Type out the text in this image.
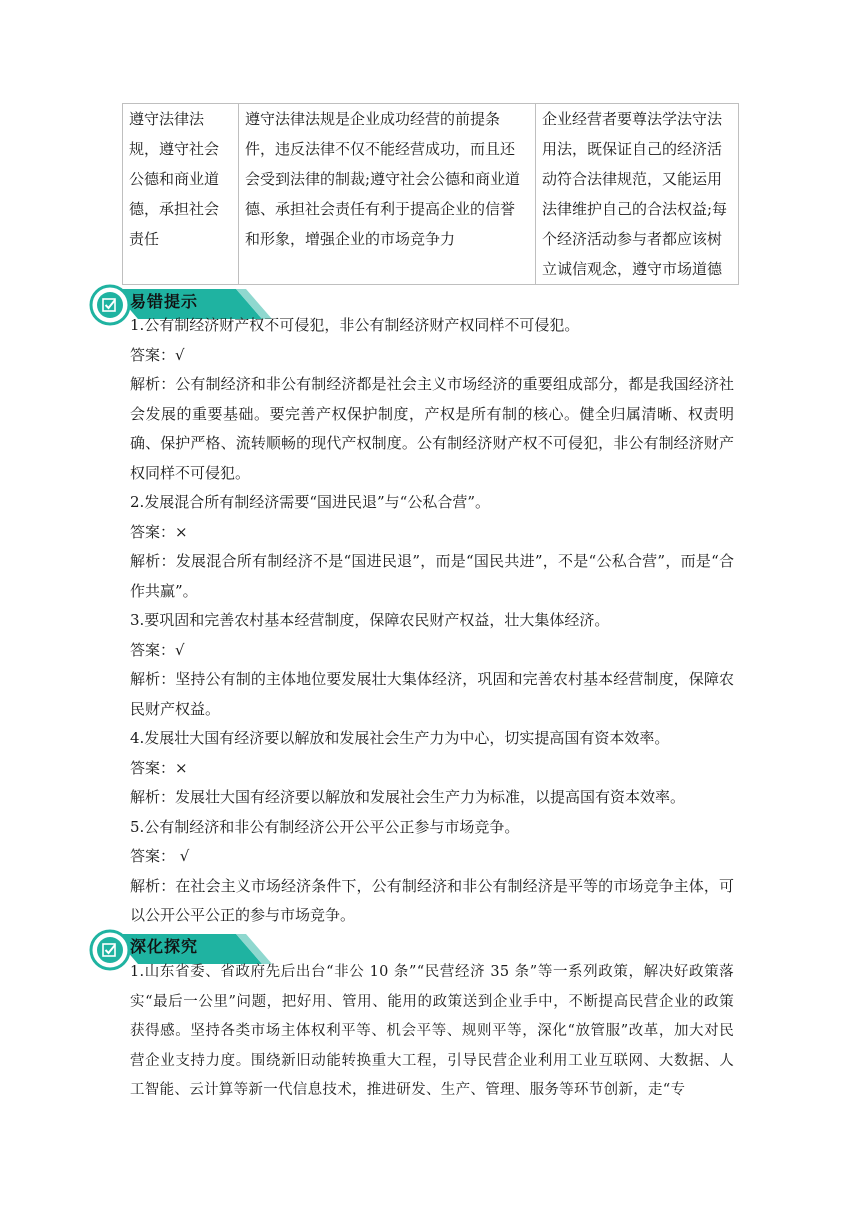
遵守法律法规，遵守社会公德和商业道德，承担社会责任	遵守法律法规是企业成功经营的前提条件，违反法律不仅不能经营成功，而且还会受到法律的制裁;遵守社会公德和商业道德、承担社会责任有利于提高企业的信誉和形象，增强企业的市场竞争力	企业经营者要尊法学法守法用法，既保证自己的经济活动符合法律规范，又能运用法律维护自己的合法权益;每个经济活动参与者都应该树立诚信观念，遵守市场道德
易错提示

1.公有制经济财产权不可侵犯，非公有制经济财产权同样不可侵犯。

答案：√

解析：公有制经济和非公有制经济都是社会主义市场经济的重要组成部分，都是我国经济社会发展的重要基础。要完善产权保护制度，产权是所有制的核心。健全归属清晰、权责明确、保护严格、流转顺畅的现代产权制度。公有制经济财产权不可侵犯，非公有制经济财产权同样不可侵犯。

2.发展混合所有制经济需要“国进民退”与“公私合营”。

答案：×

解析：发展混合所有制经济不是“国进民退”，而是“国民共进”，不是“公私合营”，而是“合作共赢”。

3.要巩固和完善农村基本经营制度，保障农民财产权益，壮大集体经济。

答案：√

解析：坚持公有制的主体地位要发展壮大集体经济，巩固和完善农村基本经营制度，保障农民财产权益。

4.发展壮大国有经济要以解放和发展社会生产力为中心，切实提高国有资本效率。

答案：×

解析：发展壮大国有经济要以解放和发展社会生产力为标准，以提高国有资本效率。

5.公有制经济和非公有制经济公开公平公正参与市场竞争。

答案： √

解析：在社会主义市场经济条件下，公有制经济和非公有制经济是平等的市场竞争主体，可以公开公平公正的参与市场竞争。

深化探究

1.山东省委、省政府先后出台“非公 10 条”“民营经济 35 条”等一系列政策，解决好政策落实“最后一公里”问题，把好用、管用、能用的政策送到企业手中，不断提高民营企业的政策获得感。坚持各类市场主体权利平等、机会平等、规则平等，深化“放管服”改革，加大对民营企业支持力度。围绕新旧动能转换重大工程，引导民营企业利用工业互联网、大数据、人工智能、云计算等新一代信息技术，推进研发、生产、管理、服务等环节创新，走“专
